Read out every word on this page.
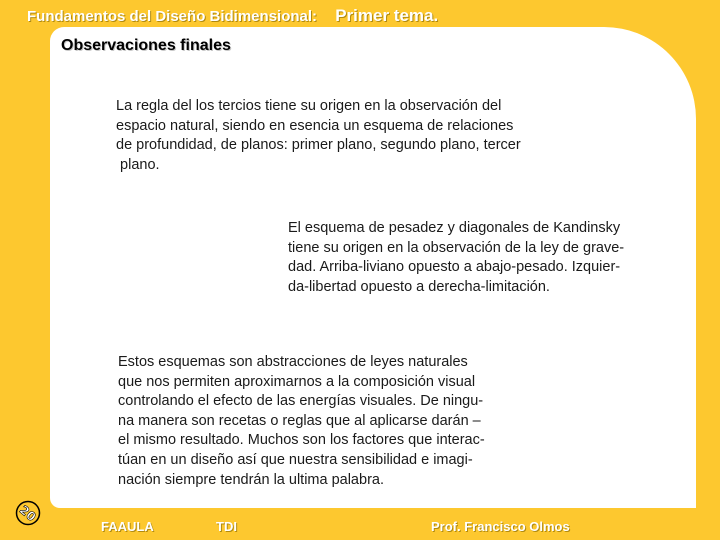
Fundamentos del Diseño Bidimensional: Primer tema.
Observaciones finales

La regla del los tercios tiene su origen en la observación del
espacio natural, siendo en esencia un esquema de relaciones
de profundidad, de planos: primer plano, segundo plano, tercer
plano.

El esquema de pesadez y diagonales de Kandinsky
tiene su origen en la observación de la ley de grave-
dad. Arriba-liviano opuesto a abajo-pesado. Izquier-
da-libertad opuesto a derecha-limitación.

Estos esquemas son abstracciones de leyes naturales
que nos permiten aproximarnos a la composición visual
controlando el efecto de las energías visuales. De ningu-
na manera son recetas o reglas que al aplicarse darán –
el mismo resultado. Muchos son los factores que interac-
túan en un diseño así que nuestra sensibilidad e imagi-
nación siempre tendrán la ultima palabra.

20
FAAULA	TDI	Prof. Francisco Olmos
